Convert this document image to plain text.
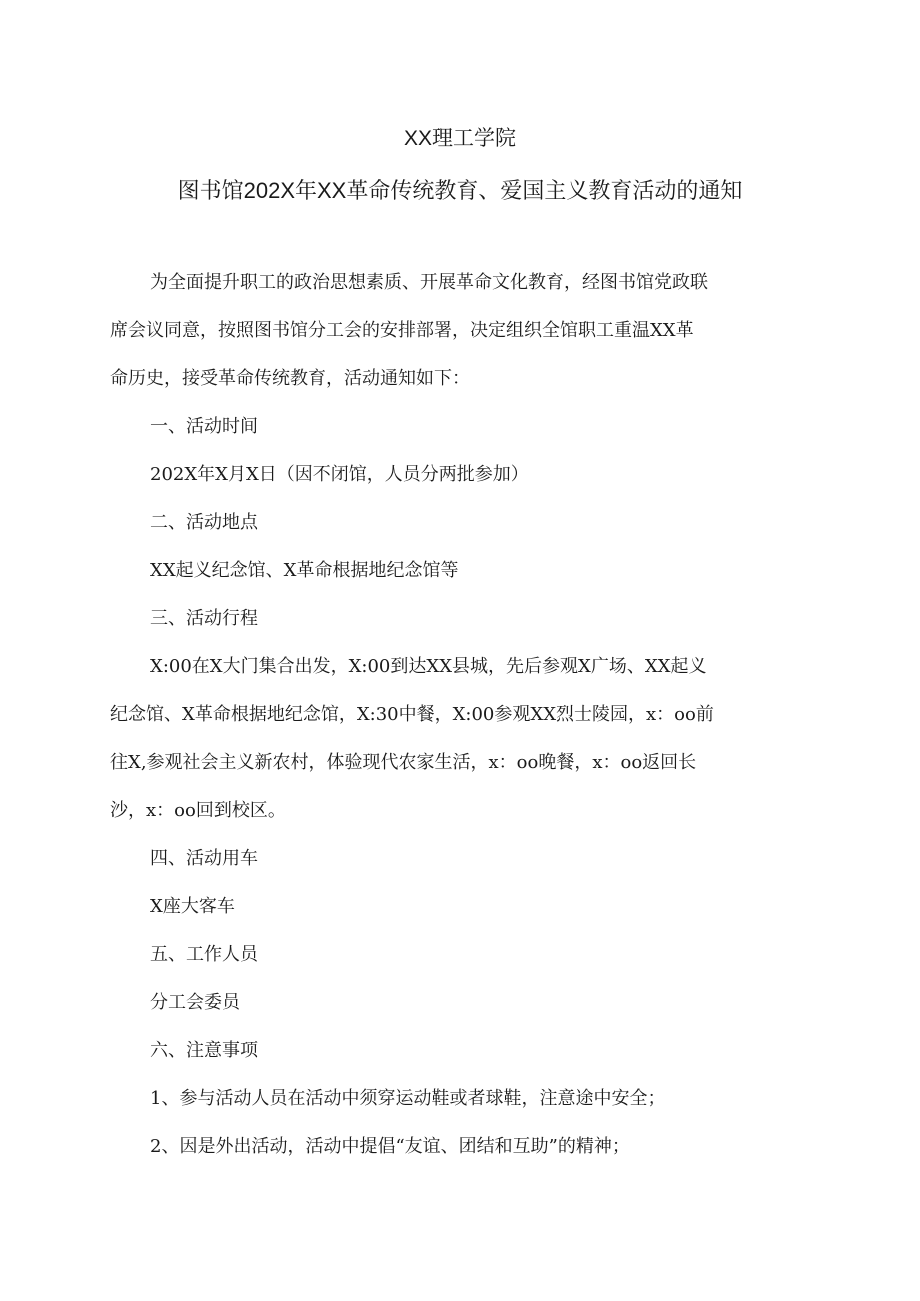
XX理工学院
图书馆202X年XX革命传统教育、爱国主义教育活动的通知
为全面提升职工的政治思想素质、开展革命文化教育，经图书馆党政联
席会议同意，按照图书馆分工会的安排部署，决定组织全馆职工重温XX革
命历史，接受革命传统教育，活动通知如下：
一、活动时间
202X年X月X日（因不闭馆，人员分两批参加）
二、活动地点
XX起义纪念馆、X革命根据地纪念馆等
三、活动行程
X:00在X大门集合出发，X:00到达XX县城，先后参观X广场、XX起义
纪念馆、X革命根据地纪念馆，X:30中餐，X:00参观XX烈士陵园，x：oo前
往X,参观社会主义新农村，体验现代农家生活，x：oo晚餐，x：oo返回长
沙，x：oo回到校区。
四、活动用车
X座大客车
五、工作人员
分工会委员
六、注意事项
1、参与活动人员在活动中须穿运动鞋或者球鞋，注意途中安全；
2、因是外出活动，活动中提倡“友谊、团结和互助”的精神；
